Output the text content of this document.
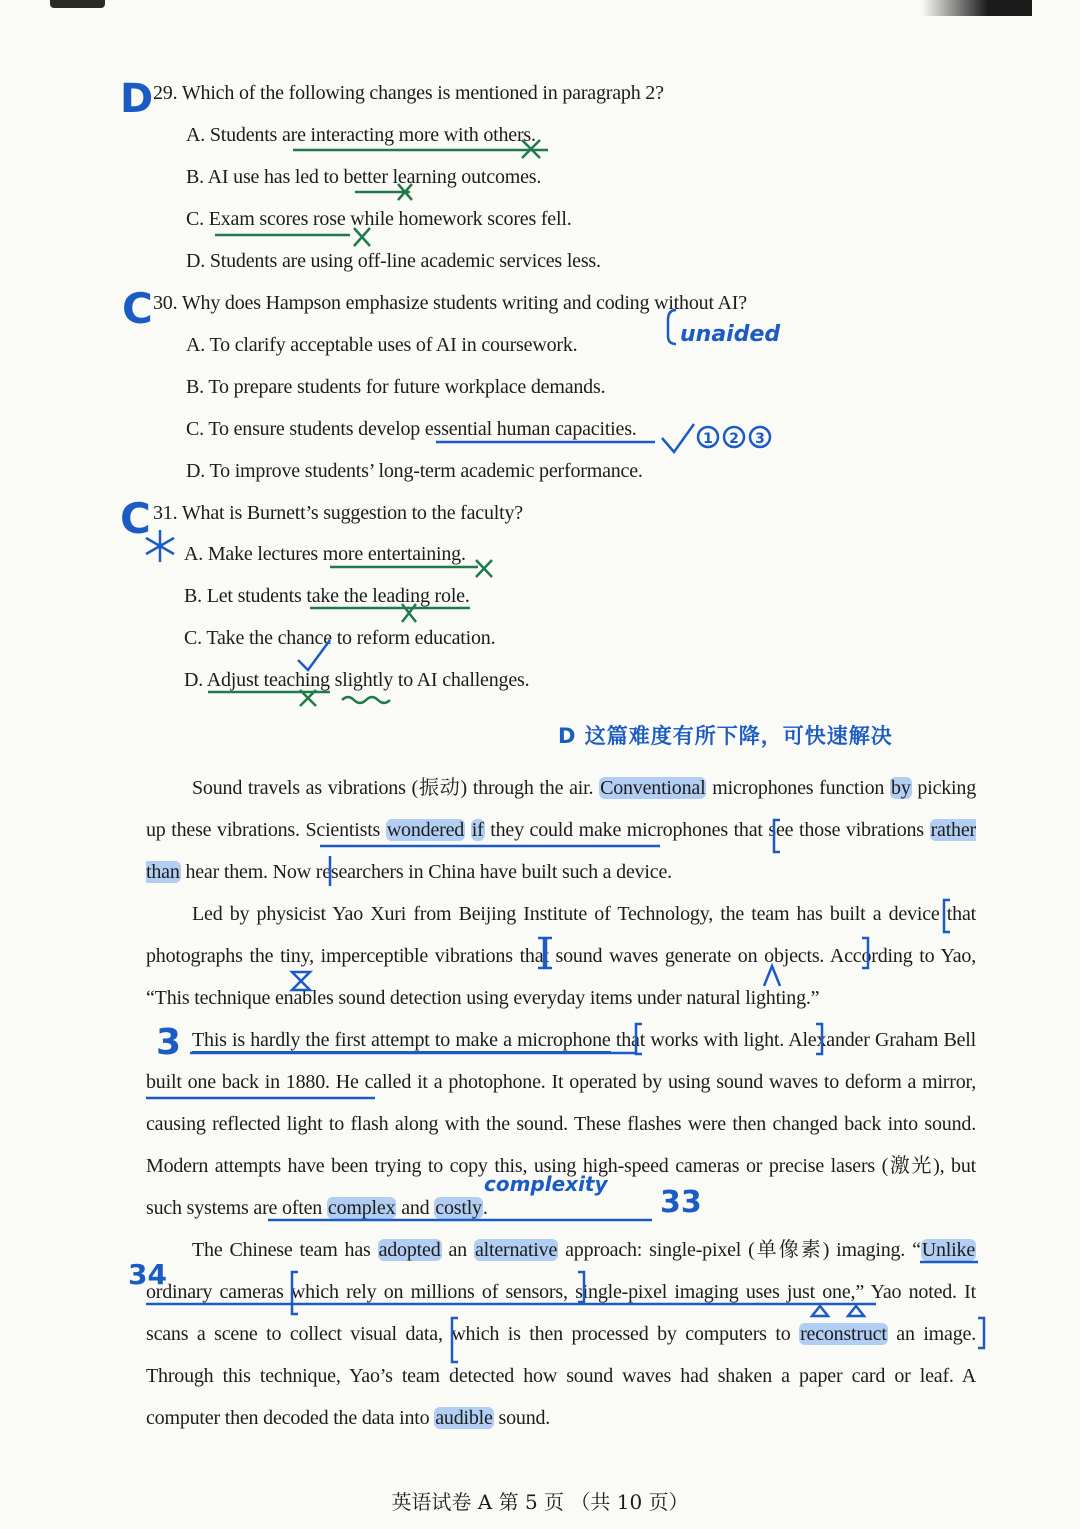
D 29. Which of the following changes is mentioned in paragraph 2?
A. Students are interacting more with others.
B. AI use has led to better learning outcomes.
C. Exam scores rose while homework scores fell.
D. Students are using off-line academic services less.
C 30. Why does Hampson emphasize students writing and coding without AI?
unaided
A. To clarify acceptable uses of AI in coursework.
B. To prepare students for future workplace demands.
C. To ensure students develop essential human capacities.
D. To improve students’ long-term academic performance.
C 31. What is Burnett’s suggestion to the faculty?
A. Make lectures more entertaining.
B. Let students take the leading role.
C. Take the chance to reform education.
D. Adjust teaching slightly to AI challenges.
D 这篇难度有所下降，可快速解决

Sound travels as vibrations (振动) through the air. Conventional microphones function by picking up these vibrations. Scientists wondered if they could make microphones that see those vibrations rather than hear them. Now researchers in China have built such a device.

Led by physicist Yao Xuri from Beijing Institute of Technology, the team has built a device that photographs the tiny, imperceptible vibrations that sound waves generate on objects. According to Yao, “This technique enables sound detection using everyday items under natural lighting.”

This is hardly the first attempt to make a microphone that works with light. Alexander Graham Bell built one back in 1880. He called it a photophone. It operated by using sound waves to deform a mirror, causing reflected light to flash along with the sound. These flashes were then changed back into sound. Modern attempts have been trying to copy this, using high-speed cameras or precise lasers (激光), but such systems are often complex and costly.

The Chinese team has adopted an alternative approach: single-pixel (单像素) imaging. “Unlike ordinary cameras which rely on millions of sensors, single-pixel imaging uses just one,” Yao noted. It scans a scene to collect visual data, which is then processed by computers to reconstruct an image. Through this technique, Yao’s team detected how sound waves had shaken a paper card or leaf. A computer then decoded the data into audible sound.

3
complexity
33
34
英语试卷 A 第 5 页 （共 10 页）
1 2 3
